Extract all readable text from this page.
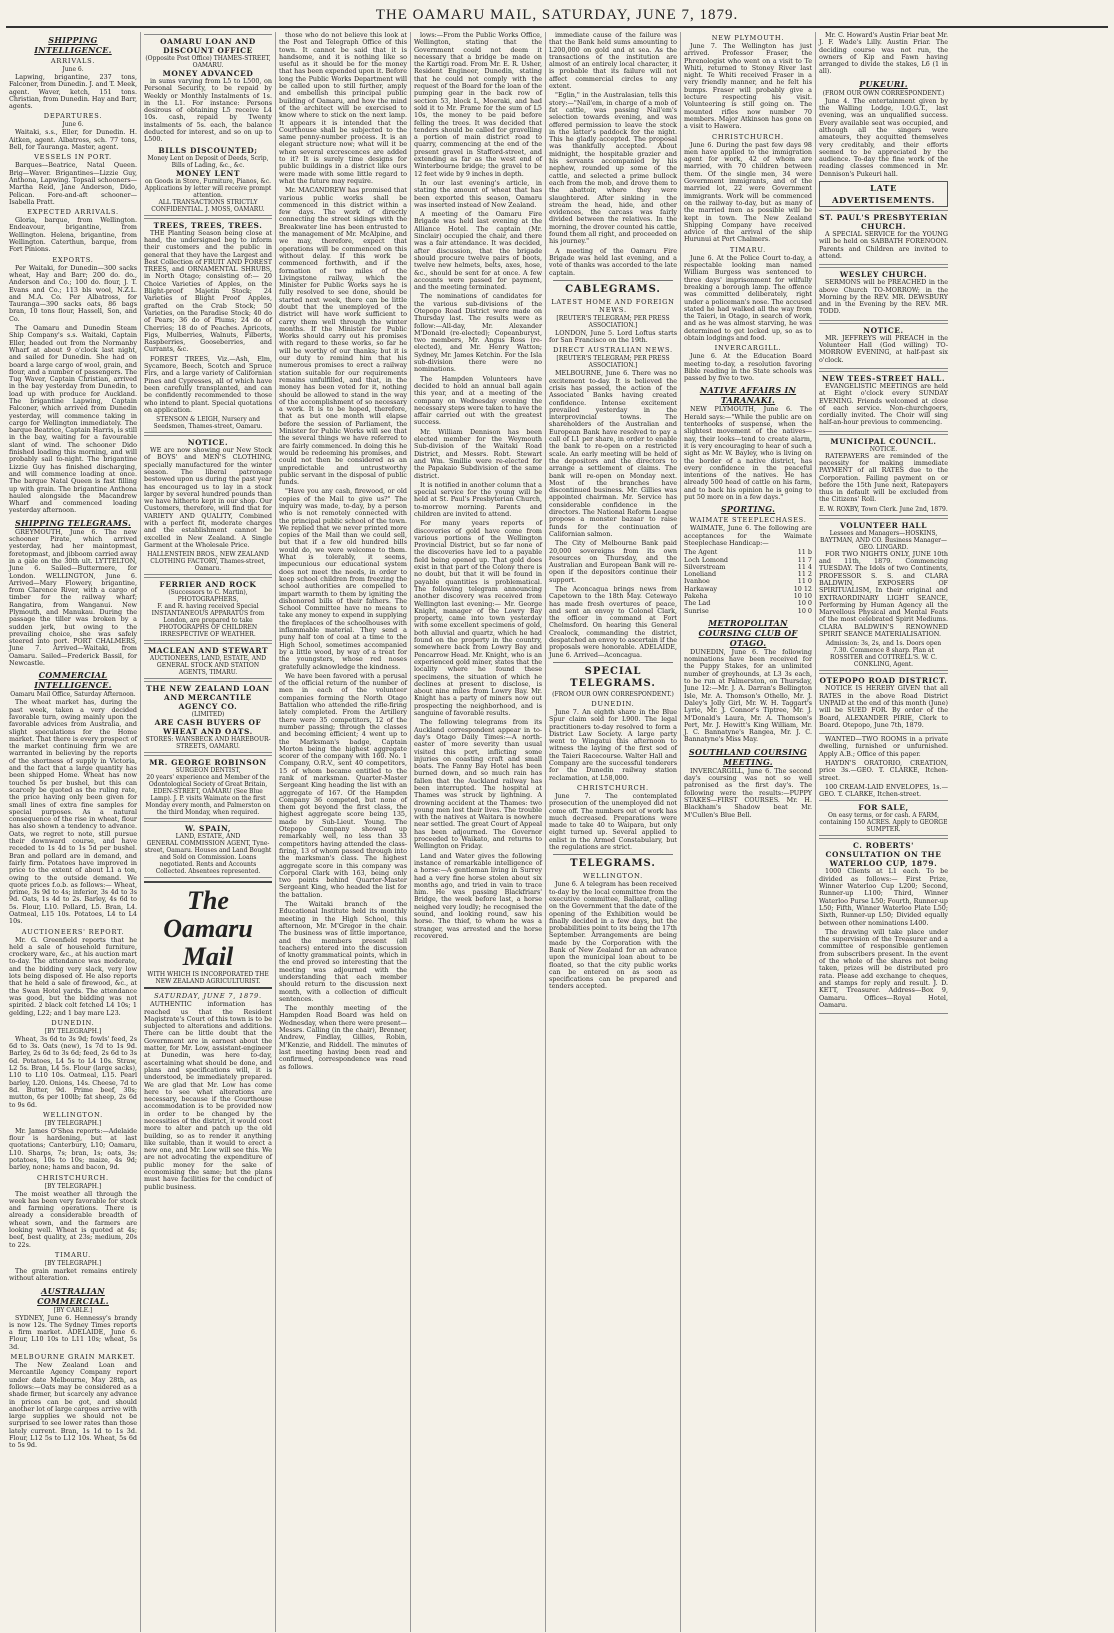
THE OAMARU MAIL, SATURDAY, JUNE 7, 1879.
SHIPPING INTELLIGENCE.
ARRIVALS.
June 6.
Lapwing, brigantine, 237 tons, Falconer, from Dunedin. J. and T. Meek, agent. Waver, ketch, 151 tons. Christian, from Dunedin. Hay and Barr, agents.
DEPARTURES.
June 6.
Waitaki, s.s., Eller, for Dunedin. H. Aitken, agent. Albatross, sch. 77 tons, Bell, for Tauranga. Master, agent.
VESSELS IN PORT.
Barques—Beatrice, Natal Queen. Brig—Waver. Brigantines—Lizzie Guy, Anthona, Lapwing. Topsail schooners—Martha Reid, Jane Anderson, Dido, Pelican. Fore-and-aft schooner—Isabella Pratt.
EXPECTED ARRIVALS.
Gloria, barque, from Wellington. Endeavour, brigantine, from Wellington. Helena, brigantine, from Wellington. Caterthun, barque, from Fort Pinions.
EXPORTS.
Per Waitaki, for Dunedin—300 sacks wheat, Hay and Barr; 200 do. do., Anderson and Co.; 100 do. flour, J. T. Evans and Co.; 113 bls wool, N.Z.L. and M.A. Co. Per Albatross, for Tauranga—390 sacks oats, 86 bags bran, 10 tons flour, Hassell, Son, and Co.
The Oamaru and Dunedin Steam Ship Company's s.s. Waitaki, Captain Eller, headed out from the Normanby Wharf at about 9 o'clock last night, and sailed for Dunedin. She had on board a large cargo of wool, grain, and flour, and a number of passengers. The Tug Waver, Captain Christian, arrived in the bay yesterday from Dunedin, to load up with produce for Auckland. The brigantine Lapwing, Captain Falconer, which arrived from Dunedin yesterday, will commence taking in cargo for Wellington immediately. The barque Beatrice, Captain Harris, is still in the bay, waiting for a favourable slant of wind. The schooner Dido finished loading this morning, and will probably sail to-night. The brigantine Lizzie Guy has finished discharging, and will commence loading at once. The barque Natal Queen is fast filling up with grain. The brigantine Anthona hauled alongside the Macandrew Wharf and commenced loading yesterday afternoon.
SHIPPING TELEGRAMS.
GREYMOUTH, June 6. The new schooner Pirate, which arrived yesterday, had her maintopmast, foretopmast, and jibboom carried away in a gale on the 30th ult. LYTTELTON, June 6. Sailed—Buttermere, for London. WELLINGTON, June 6. Arrived—Mary Flowery, brigantine, from Clarence River, with a cargo of timber for the railway wharf; Rangatira, from Wanganui. New Plymouth, and Manukau. During the passage the tiller was broken by a sudden jerk, but owing to the prevailing choice, she was safely steered into port. PORT CHALMERS, June 7. Arrived—Waitaki, from Oamaru. Sailed—Frederick Bassil, for Newcastle.
COMMERCIAL INTELLIGENCE.
Oamaru Mail Office, Saturday Afternoon.
The wheat market has, during the past week, taken a very decided favorable turn, owing mainly upon the favorable advices from Australia, and slight speculations for the Home market. That there is every prospect of the market continuing firm we are warranted in believing by the reports of the shortness of supply in Victoria, and the fact that a large quantity has been shipped Home. Wheat has now touched 5s per bushel, but this can scarcely be quoted as the ruling rate, the price having only been given for small lines of extra fine samples for special purposes. As a natural consequence of the rise in wheat, flour has also shown a tendency to advance. Oats, we regret to note, still pursue their downward course, and have receded to 1s 4d to 1s 5d per bushel. Bran and pollard are in demand, and fairly firm. Potatoes have improved in price to the extent of about L1 a ton, owing to the outside demand. We quote prices f.o.b. as follows:— Wheat, prime, 3s 9d to 4s; inferior, 3s 4d to 3s 9d. Oats, 1s 4d to 2s. Barley, 4s 6d to 5s. Flour, L10. Pollard, L5. Bran, L4. Oatmeal, L15 10s. Potatoes, L4 to L4 10s.
AUCTIONEERS' REPORT.
Mr. G. Greenfield reports that he held a sale of household furniture, crockery ware, &c., at his auction mart to-day. The attendance was moderate, and the bidding very slack, very low lots being disposed of. He also reports that he held a sale of firewood, &c., at the Swan Hotel yards. The attendance was good, but the bidding was not spirited. 2 black colt fetched L4 10s; 1 gelding, L22; and 1 bay mare L23.
DUNEDIN.
[BY TELEGRAPH.]
Wheat, 3s 6d to 3s 9d; fowls' feed, 2s 6d to 3s. Oats (new), 1s 7d to 1s 9d. Barley, 2s 6d to 3s 6d; feed, 2s 6d to 3s 6d. Potatoes, L4 5s to L4 10s. Straw, L2 5s. Bran, L4 5s. Flour (large sacks), L10 to L10 10s. Oatmeal, L15. Pearl barley, L20. Onions, 14s. Cheese, 7d to 8d. Butter, 9d. Prime beef, 30s; mutton, 6s per 100lb; fat sheep, 2s 6d to 9s 6d.
WELLINGTON.
[BY TELEGRAPH.]
Mr. James O'Shea reports:—Adelaide flour is hardening, but at last quotations; Canterbury, L10; Oamaru, L10. Sharps, 7s; bran, 1s; oats, 3s; potatoes, 10s to 10s; maize, 4s 9d; barley, none; hams and bacon, 9d.
CHRISTCHURCH.
[BY TELEGRAPH.]
The moist weather all through the week has been very favorable for stock and farming operations. There is already a considerable breadth of wheat sown, and the farmers are looking well. Wheat is quoted at 4s; beef, best quality, at 23s; medium, 20s to 22s.
TIMARU.
[BY TELEGRAPH.]
The grain market remains entirely without alteration.
AUSTRALIAN COMMERCIAL.
[BY CABLE.]
SYDNEY, June 6. Hennessy's brandy is now 12s. The Sydney Times reports a firm market. ADELAIDE, June 6. Flour, L10 10s to L11 10s; wheat, 5s 3d.
MELBOURNE GRAIN MARKET.
The New Zealand Loan and Mercantile Agency Company report under date Melbourne, May 28th, as follows:—Oats may be considered as a shade firmer, but scarcely any advance in prices can be got, and should another lot of large cargoes arrive with large supplies we should not be surprised to see lower rates than those lately current. Bran, 1s 1d to 1s 3d. Flour, L12 5s to L12 10s. Wheat, 5s 6d to 5s 9d.
OAMARU LOAN AND DISCOUNT OFFICE
(Opposite Post Office) THAMES-STREET, OAMARU.
MONEY ADVANCED
in sums varying from L5 to L500, on Personal Security, to be repaid by Weekly or Monthly Instalments of 1s. in the L1. For instance: Persons desirous of obtaining L5 receive L4 10s. cash, repaid by Twenty instalments of 5s. each, the balance deducted for interest, and so on up to L500.
BILLS DISCOUNTED;
Money Lent on Deposit of Deeds, Scrip, Bills of Lading, &c., &c.
MONEY LENT
on Goods in Store, Furniture, Pianos, &c. Applications by letter will receive prompt attention.
ALL TRANSACTIONS STRICTLY CONFIDENTIAL. J. MOSS, OAMARU.
TREES, TREES, TREES.
THE Planting Season being close at hand, the undersigned beg to inform their customers and the public in general that they have the Largest and Best Collection of FRUIT AND FOREST TREES, and ORNAMENTAL SHRUBS, in North Otago; consisting of:— 20 Choice Varieties of Apples, on the Blight-proof Majetin Stock; 24 Varieties of Blight Proof Apples, grafted on the Crab Stock; 50 Varieties, on the Paradise Stock; 40 do of Pears; 36 do of Plums; 24 do of Cherries; 18 do of Peaches. Apricots, Figs, Mulberries, Walnuts, Filberts, Raspberries, Gooseberries, and Currants, &c.
FOREST TREES, Viz.—Ash, Elm, Sycamore, Beech, Scotch and Spruce Firs, and a large variety of Californian Pines and Cypresses, all of which have been carefully transplanted, and can be confidently recommended to those who intend to plant. Special quotations on application.
STENSON & LEIGH, Nursery and Seedsmen, Thames-street, Oamaru.
NOTICE.
WE are now showing our New Stock of BOYS' and MEN'S CLOTHING, specially manufactured for the winter season. The liberal patronage bestowed upon us during the past year has encouraged us to lay in a stock larger by several hundred pounds than we have hitherto kept in our shop. Our Customers, therefore, will find that for VARIETY AND QUALITY, Combined with a perfect fit, moderate charges and the establishment cannot be excelled in New Zealand. A Single Garment at the Wholesale Price.
HALLENSTEIN BROS., NEW ZEALAND CLOTHING FACTORY, Thames-street, Oamaru.
FERRIER AND ROCK
(Successors to C. Martin), PHOTOGRAPHERS,
F. and R. having received Special INSTANTANEOUS APPARATUS from London, are prepared to take PHOTOGRAPHS OF CHILDREN IRRESPECTIVE OF WEATHER.
MACLEAN AND STEWART
AUCTIONEERS, LAND, ESTATE, AND GENERAL STOCK AND STATION AGENTS, TIMARU.
THE NEW ZEALAND LOAN AND MERCANTILE AGENCY CO.
(LIMITED)
ARE CASH BUYERS OF WHEAT AND OATS.
STORES: WANSBECK AND HAREBOUR-STREETS, OAMARU.
MR. GEORGE ROBINSON
SURGEON DENTIST,
20 years' experience and Member of the Odontological Society of Great Britain, EDEN-STREET, OAMARU (See Blue Lamp). J. P. visits Waimate on the first Monday every month, and Palmerston on the third Monday, when required.
W. SPAIN,
LAND, ESTATE, AND
GENERAL COMMISSION AGENT, Tyne-street, Oamaru. Houses and Land Bought and Sold on Commission. Loans negotiated. Rents and Accounts Collected. Absentees represented.
The Oamaru Mail
WITH WHICH IS INCORPORATED THE NEW ZEALAND AGRICULTURIST.
SATURDAY, JUNE 7, 1879.
AUTHENTIC information has reached us that the Resident Magistrate's Court of this town is to be subjected to alterations and additions. There can be little doubt that the Government are in earnest about the matter, for Mr. Low, assistant-engineer at Dunedin, was here to-day, ascertaining what should be done, and plans and specifications will, it is understood, be immediately prepared. We are glad that Mr. Low has come here to see what alterations are necessary, because if the Courthouse accommodation is to be provided now in order to be changed by the necessities of the district, it would cost more to alter and patch up the old building, so as to render it anything like suitable, than it would to erect a new one, and Mr. Low will see this. We are not advocating the expenditure of public money for the sake of economising the same; but the plans must have facilities for the conduct of public business.
those who do not believe this look at the Post and Telegraph Office of this town. It cannot be said that it is handsome, and it is nothing like so useful as it should be for the money that has been expended upon it. Before long the Public Works Department will be called upon to still further, amply and embellish this principal public building of Oamaru, and how the mind of the architect will be exercised to know where to stick on the next lamp. It appears it is intended that the Courthouse shall be subjected to the same penny-number process. It is an elegant structure now; what will it be when several excrescences are added to it? It is surely time designs for public buildings in a district like ours were made with some little regard to what the future may require.
Mr. MACANDREW has promised that various public works shall be commenced in this district within a few days. The work of directly connecting the street sidings with the Breakwater line has been entrusted to the management of Mr. McAlpine, and we may, therefore, expect that operations will be commenced on this without delay. If this work be commenced forthwith, and if the formation of two miles of the Livingstone railway, which the Minister for Public Works says he is fully resolved to see done, should be started next week, there can be little doubt that the unemployed of the district will have work sufficient to carry them well through the winter months. If the Minister for Public Works should carry out his promises with regard to these works, so far he will be worthy of our thanks; but it is our duty to remind him that his numerous promises to erect a railway station suitable for our requirements remains unfulfilled, and that, in the money has been voted for it, nothing should be allowed to stand in the way of the accomplishment of so necessary a work. It is to be hoped, therefore, that as but one month will elapse before the session of Parliament, the Minister for Public Works will see that the several things we have referred to are fairly commenced. In doing this he would be redeeming his promises, and could not then be considered as an unpredictable and untrustworthy public servant in the disposal of public funds.
"Have you any cash, firewood, or old copies of the Mail to give us?" The inquiry was made, to-day, by a person who is not remotely connected with the principal public school of the town. We replied that we never printed more copies of the Mail than we could sell, but that if a few old hundred bills would do, we were welcome to them. What is tolerably, it seems, impecunious our educational system does not meet the needs, in order to keep school children from freezing the school authorities are compelled to impart warmth to them by igniting the dishonored bills of their fathers. The School Committee have no means to take any money to expend in supplying the fireplaces of the schoolhouses with inflammable material. They send a puny half ton of coal at a time to the High School, sometimes accompanied by a little wood, by way of a treat for the youngsters, whose red noses gratefully acknowledge the kindness.
We have been favored with a perusal of the official return of the number of men in each of the volunteer companies forming the North Otago Battalion who attended the rifle-firing lately completed. From the Artillery there were 35 competitors, 12 of the number passing; through the classes and becoming efficient; 4 went up to the Marksman's badge, Captain Morton being the highest aggregate scorer of the company with 160. No. 1 Company, O.R.V., sent 40 competitors, 15 of whom became entitled to the rank of marksman. Quarter-Master Sergeant King heading the list with an aggregate of 167. Of the Hampden Company 36 competed, but none of them got beyond the first class, the highest aggregate score being 135, made by Sub-Lieut. Young. The Otepopo Company showed up remarkably well, no less than 33 competitors having attended the class-firing, 13 of whom passed through into the marksman's class. The highest aggregate score in this company was Corporal Clark with 163, being only two points behind Quarter-Master Sergeant King, who headed the list for the battalion.
The Waitaki branch of the Educational Institute held its monthly meeting in the High School, this afternoon, Mr. M'Gregor in the chair. The business was of little importance, and the members present (all teachers) entered into the discussion of knotty grammatical points, which in the end proved so interesting that the meeting was adjourned with the understanding that each member should return to the discussion next month, with a collection of difficult sentences.
The monthly meeting of the Hampden Road Board was held on Wednesday, when there were present—Messrs. Calling (in the chair), Brenner, Andrew, Findlay, Gillies, Robin, M'Kenzie, and Riddell. The minutes of last meeting having been read and confirmed, correspondence was read as follows.
lows:—From the Public Works Office, Wellington, stating that the Government could not deem it necessary that a bridge be made on the Kartigi road. From Mr. E. R. Usher, Resident Engineer, Dunedin, stating that he could not comply with the request of the Board for the loan of the pumping gear in the back row of section 53, block L, Moeraki, and had sold it to Mr. Frame for the sum of L5 10s, the money to be paid before felling the trees. It was decided that tenders should be called for gravelling a portion of main district road to quarry, commencing at the end of the present gravel in Stafford-street, and extending as far as the west end of Winterbourne bridge; the gravel to be 12 feet wide by 9 inches in depth.
In our last evening's article, in stating the amount of wheat that has been exported this season, Oamaru was inserted instead of New Zealand.
A meeting of the Oamaru Fire Brigade was held last evening at the Alliance Hotel. The captain (Mr. Sinclair) occupied the chair, and there was a fair attendance. It was decided, after discussion, that the brigade should procure twelve pairs of boots, twelve new helmets, belts, axes, hose, &c., should be sent for at once. A few accounts were passed for payment, and the meeting terminated.
The nominations of candidates for the various sub-divisions of the Otepopo Road District were made on Thursday last. The results were as follow:—All-day, Mr. Alexander M'Donald (re-elected); Copeanburyst, two members, Mr. Angus Ross (re-elected), and Mr. Henry Watton; Sydney, Mr. James Ketchin. For the Isla sub-division there were no nominations.
The Hampden Volunteers have decided to hold an annual ball again this year, and at a meeting of the company on Wednesday evening the necessary steps were taken to have the affair carried out with the greatest success.
Mr. William Dennison has been elected member for the Weymouth Sub-division of the Waitaki Road District, and Messrs. Robt. Stewart and Wm. Smillie were re-elected for the Papakaio Subdivision of the same district.
It is notified in another column that a special service for the young will be held at St. Paul's Presbyterian Church, to-morrow morning. Parents and children are invited to attend.
For many years reports of discoveries of gold have come from various portions of the Wellington Provincial District, but so far none of the discoveries have led to a payable field being opened up. That gold does exist in that part of the Colony there is no doubt, but that it will be found in payable quantities is problematical. The following telegram announcing another discovery was received from Wellington last evening:— Mr. George Knight, manager of the Lowry Bay property, came into town yesterday with some excellent specimens of gold, both alluvial and quartz, which he had found on the property in the country, somewhere back from Lowry Bay and Pencarrow Head. Mr. Knight, who is an experienced gold miner, states that the locality where he found these specimens, the situation of which he declines at present to disclose, is about nine miles from Lowry Bay. Mr. Knight has a party of miners now out prospecting the neighborhood, and is sanguine of favorable results.
The following telegrams from its Auckland correspondent appear in to-day's Otago Daily Times:—A north-easter of more severity than usual visited this port, inflicting some injuries on coasting craft and small boats. The Fanny Bay Hotel has been burned down, and so much rain has fallen that the Auckland railway has been interrupted. The hospital at Thames was struck by lightning. A drowning accident at the Thames: two young men lost their lives. The trouble with the natives at Waitara is nowhere near settled. The great Court of Appeal has been adjourned. The Governor proceeded to Waikato, and returns to Wellington on Friday.
Land and Water gives the following instance of remarkable intelligence of a horse:—A gentleman living in Surrey had a very fine horse stolen about six months ago, and tried in vain to trace him. He was passing Blackfriars' Bridge, the week before last, a horse neighed very loudly; he recognised the sound, and looking round, saw his horse. The thief, to whom he was a stranger, was arrested and the horse recovered.
immediate cause of the failure was that the Bank held sums amounting to L200,000 on gold and at sea. As the transactions of the institution are almost of an entirely local character, it is probable that its failure will not affect commercial circles to any extent.
"Eglin," in the Australasian, tells this story:—"Nail'em, in charge of a mob of fat cattle, was passing Nail'em's selection towards evening, and was offered permission to leave the stock in the latter's paddock for the night. This he gladly accepted. The proposal was thankfully accepted. About midnight, the hospitable grazier and his servants accompanied by his nephew, rounded up some of the cattle, and selected a prime bullock each from the mob, and drove them to the abattoir, where they were slaughtered. After sinking in the stream the head, hide, and other evidences, the carcass was fairly divided between the relatives. In the morning, the drover counted his cattle, found them all right, and proceeded on his journey."
A meeting of the Oamaru Fire Brigade was held last evening, and a vote of thanks was accorded to the late captain.
CABLEGRAMS.
LATEST HOME AND FOREIGN NEWS.
[REUTER'S TELEGRAM; PER PRESS ASSOCIATION.]
LONDON, June 5. Lord Loftus starts for San Francisco on the 19th.
DIRECT AUSTRALIAN NEWS.
[REUTER'S TELEGRAM; PER PRESS ASSOCIATION.]
MELBOURNE, June 6. There was no excitement to-day. It is believed the crisis has passed, the action of the Associated Banks having created confidence. Intense excitement prevailed yesterday in the interprovincial towns. The shareholders of the Australian and European Bank have resolved to pay a call of L1 per share, in order to enable the bank to re-open on a restricted scale. An early meeting will be held of the depositors and the directors to arrange a settlement of claims. The bank will re-open on Monday next. Most of the branches have discontinued business. Mr. Gillies was appointed chairman. Mr. Service has considerable confidence in the directors. The National Reform League propose a monster bazaar to raise funds for the continuation of Californian salmon.
The City of Melbourne Bank paid 20,000 sovereigns from its own resources on Thursday, and the Australian and European Bank will re-open if the depositors continue their support.
The Aconcagua brings news from Capetown to the 18th May. Cetewayo has made fresh overtures of peace, and sent an envoy to Colonel Clark, the officer in command at Fort Chelmsford. On hearing this General Crealock, commanding the district, despatched an envoy to ascertain if the proposals were honorable. ADELAIDE, June 6. Arrived—Aconcagua.
SPECIAL TELEGRAMS.
(FROM OUR OWN CORRESPONDENT.)
DUNEDIN.
June 7. An eighth share in the Blue Spur claim sold for L900. The legal practitioners to-day resolved to form a District Law Society. A large party went to Wingatui this afternoon to witness the laying of the first sod of the Taieri Racecourse. Walter Hall and Company are the successful tenderers for the Dunedin railway station reclamation, at L58,000.
CHRISTCHURCH.
June 7. The contemplated prosecution of the unemployed did not come off. The numbers out of work has much decreased. Preparations were made to take 40 to Waipara, but only eight turned up. Several applied to enlist in the Armed Constabulary, but the regulations are strict.
TELEGRAMS.
WELLINGTON.
June 6. A telegram has been received to-day by the local committee from the executive committee, Ballarat, calling on the Government that the date of the opening of the Exhibition would be finally decided in a few days, but the probabilities point to its being the 17th September. Arrangements are being made by the Corporation with the Bank of New Zealand for an advance upon the municipal loan about to be floated, so that the city public works can be entered on as soon as specifications can be prepared and tenders accepted.
NEW PLYMOUTH.
June 7. The Wellington has just arrived. Professor Fraser, the Phrenologist who went on a visit to Te Whiti, returned to Stoney River last night. Te Whiti received Fraser in a very friendly manner, and he felt his bumps. Fraser will probably give a lecture respecting his visit. Volunteering is still going on. The mounted rifles now number 70 members. Major Atkinson has gone on a visit to Hawera.
CHRISTCHURCH.
June 6. During the past few days 98 men have applied to the immigration agent for work, 42 of whom are married, with 70 children between them. Of the single men, 34 were Government immigrants, and of the married lot, 22 were Government immigrants. Work will be commenced on the railway to-day, but as many of the married men as possible will be kept in town. The New Zealand Shipping Company have received advice of the arrival of the ship Hurunui at Port Chalmers.
TIMARU.
June 6. At the Police Court to-day, a respectable looking man named William Burgess was sentenced to three days' imprisonment for wilfully breaking a borough lamp. The offence was committed deliberately, right under a policeman's nose. The accused stated he had walked all the way from the Taieri, in Otago, in search of work, and as he was almost starving, he was determined to get locked up, so as to obtain lodgings and food.
INVERCARGILL.
June 6. At the Education Board meeting to-day, a resolution favoring Bible reading in the State schools was passed by five to two.
NATIVE AFFAIRS IN TARANAKI.
NEW PLYMOUTH, June 6. The Herald says:—"While the public are on tenterhooks of suspense, when the slightest movement of the natives—nay, their looks—tend to create alarm, it is very encouraging to hear of such a sight as Mr. W. Bayley, who is living on the border of a native district, has every confidence in the peaceful intentions of the natives. He has already 500 head of cattle on his farm, and to back his opinion he is going to put 50 more on in a few days."
SPORTING.
WAIMATE STEEPLECHASES.
WAIMATE, June 6. The following are acceptances for the Waimate Steeplechase Handicap:—
The Agent	11 b
Loch Lomond	11 7
Silverstream	11 4
Loneliand	11 2
Ivanhoe	11 0
Harkaway	10 12
Pakeha	10 10
The Lad	10 0
Sunrise	10 0
METROPOLITAN COURSING CLUB OF OTAGO.
DUNEDIN, June 6. The following nominations have been received for the Puppy Stakes, for an unlimited number of greyhounds, at L3 3s each, to be run at Palmerston, on Thursday, June 12:—Mr. J. A. Darran's Bellington Isle, Mr. A. Thomson's Othello, Mr. J. Daley's Jolly Girl, Mr. W. H. Taggart's Lyrie, Mr. J. Connor's Tiptree, Mr. J. M'Donald's Laura, Mr. A. Thomson's Pert, Mr. J. Hewitt's King William, Mr. J. C. Bannatyne's Rangea, Mr. J. C. Bannatyne's Miss May.
SOUTHLAND COURSING MEETING.
INVERCARGILL, June 6. The second day's coursing was not so well patronised as the first day's. The following were the results:—PUPPY STAKES—FIRST COURSES. Mr. H. Blackham's Shadow beat Mr. M'Cullen's Blue Bell.
Mr. C. Howard's Austin Friar beat Mr. J. F. Wade's Lilly. Austin Friar. The deciding course was not run, the owners of Kip and Fawn having arranged to divide the stakes, L6 (1 in all).
PUKEURI.
(FROM OUR OWN CORRESPONDENT.)
June 4. The entertainment given by the Walling Lodge, I.O.G.T., last evening, was an unqualified success. Every available seat was occupied, and although all the singers were amateurs, they acquitted themselves very creditably, and their efforts seemed to be appreciated by the audience. To-day the fine work of the reading classes commenced in Mr. Dennison's Pukeuri hall.
LATE ADVERTISEMENTS.
ST. PAUL'S PRESBYTERIAN CHURCH.
A SPECIAL SERVICE for the YOUNG will be held on SABBATH FORENOON. Parents and Children are invited to attend.
WESLEY CHURCH.
SERMONS will be PREACHED in the above Church TO-MORROW; in the Morning by the REV. MR. DEWSBURY and in the Evening by the REV. MR. TODD.
NOTICE.
MR. JEFFREYS will PREACH in the Volunteer Hall (God willing) TO-MORROW EVENING, at half-past six o'clock.
NEW TEES-STREET HALL.
EVANGELISTIC MEETINGS are held at Eight o'clock every SUNDAY EVENING. Friends welcomed at close of each service. Non-churchgoers, cordially invited. The Choir will sing half-an-hour previous to commencing.
MUNICIPAL COUNCIL.
NOTICE.
RATEPAYERS are reminded of the necessity for making immediate PAYMENT of all RATES due to the Corporation. Failing payment on or before the 15th June next, Ratepayers thus in default will be excluded from the Citizens' Roll.
E. W. ROXBY, Town Clerk. June 2nd, 1879.
VOLUNTEER HALL
Lessees and Managers—HOSKINS, BAYTMAN, AND CO. Business Manager—GEO. LINGARD.
FOR TWO NIGHTS ONLY, JUNE 10th and 11th, 1879. Commencing TUESDAY. The Idols of two Continents, PROFESSOR S. S. and CLARA BALDWIN, EXPOSERS OF SPIRITUALISM, In their original and EXTRAORDINARY LIGHT SEANCE, Performing by Human Agency all the Marvellous Physical and Mental Feats of the most celebrated Spirit Mediums. CLARA BALDWIN'S RENOWNED SPIRIT SEANCE MATERIALISATION.
Admission: 3s, 2s, and 1s. Doors open 7.30. Commence 8 sharp. Plan at ROSSITER and COTTRELL'S. W. C. CONKLING, Agent.
OTEPOPO ROAD DISTRICT.
NOTICE IS HEREBY GIVEN that all RATES in the above Road District UNPAID at the end of this month (June) will be SUED FOR. By order of the Board, ALEXANDER PIRIE, Clerk to Board. Otepopo, June 7th, 1879.
WANTED—TWO ROOMS in a private dwelling, furnished or unfurnished. Apply A.B.; Office of this paper.
HAYDN'S ORATORIO, CREATION, price 3s.—GEO. T. CLARKE, Itchen-street.
100 CREAM-LAID ENVELOPES, 1s.—GEO. T. CLARKE, Itchen-street.
FOR SALE,
On easy terms, or for cash. A FARM, containing 150 ACRES. Apply to GEORGE SUMPTER.
C. ROBERTS' CONSULTATION ON THE WATERLOO CUP, 1879.
1000 Clients at L1 each. To be divided as follows:— First Prize, Winner Waterloo Cup L200; Second, Runner-up L100; Third, Winner Waterloo Purse L50; Fourth, Runner-up L50; Fifth, Winner Waterloo Plate L50; Sixth, Runner-up L50; Divided equally between other nominations L400.
The drawing will take place under the supervision of the Treasurer and a committee of responsible gentlemen from subscribers present. In the event of the whole of the shares not being taken, prizes will be distributed pro rata. Please add exchange to cheques, and stamps for reply and result. J. D. KETT, Treasurer. Address—Box 9, Oamaru. Offices—Royal Hotel, Oamaru.
